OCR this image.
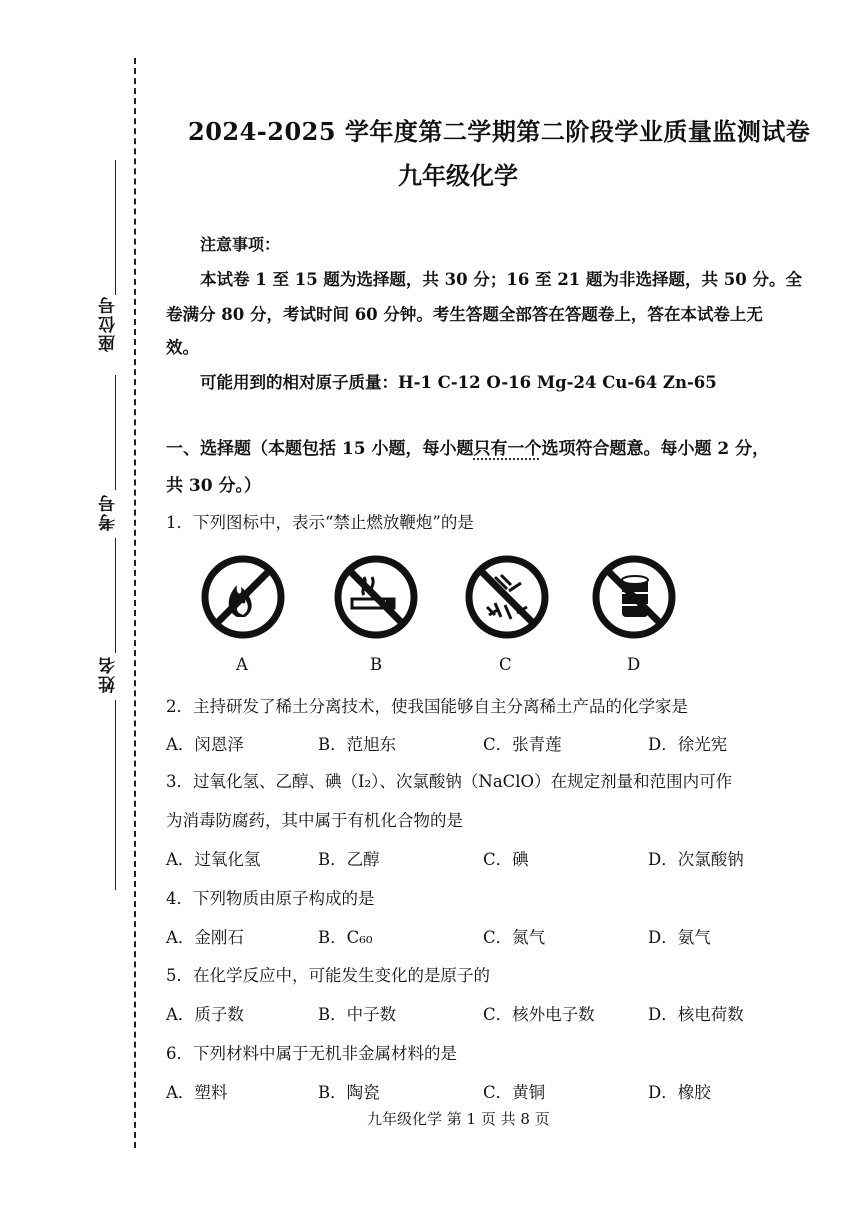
座位号
考号
姓名
2024-2025 学年度第二学期第二阶段学业质量监测试卷
九年级化学
注意事项：
本试卷 1 至 15 题为选择题，共 30 分；16 至 21 题为非选择题，共 50 分。全
卷满分 80 分，考试时间 60 分钟。考生答题全部答在答题卷上，答在本试卷上无
效。
可能用到的相对原子质量：H-1 C-12 O-16 Mg-24 Cu-64 Zn-65
一、选择题（本题包括 15 小题，每小题只有一个选项符合题意。每小题 2 分，
共 30 分。）
1．下列图标中，表示“禁止燃放鞭炮”的是
A	B	C	D
2．主持研发了稀土分离技术，使我国能够自主分离稀土产品的化学家是
A．闵恩泽	B．范旭东	C．张青莲	D．徐光宪
3．过氧化氢、乙醇、碘（I₂）、次氯酸钠（NaClO）在规定剂量和范围内可作
为消毒防腐药，其中属于有机化合物的是
A．过氧化氢	B．乙醇	C．碘	D．次氯酸钠
4．下列物质由原子构成的是
A．金刚石	B．C₆₀	C．氮气	D．氨气
5．在化学反应中，可能发生变化的是原子的
A．质子数	B．中子数	C．核外电子数	D．核电荷数
6．下列材料中属于无机非金属材料的是
A．塑料	B．陶瓷	C．黄铜	D．橡胶
九年级化学 第 1 页 共 8 页
